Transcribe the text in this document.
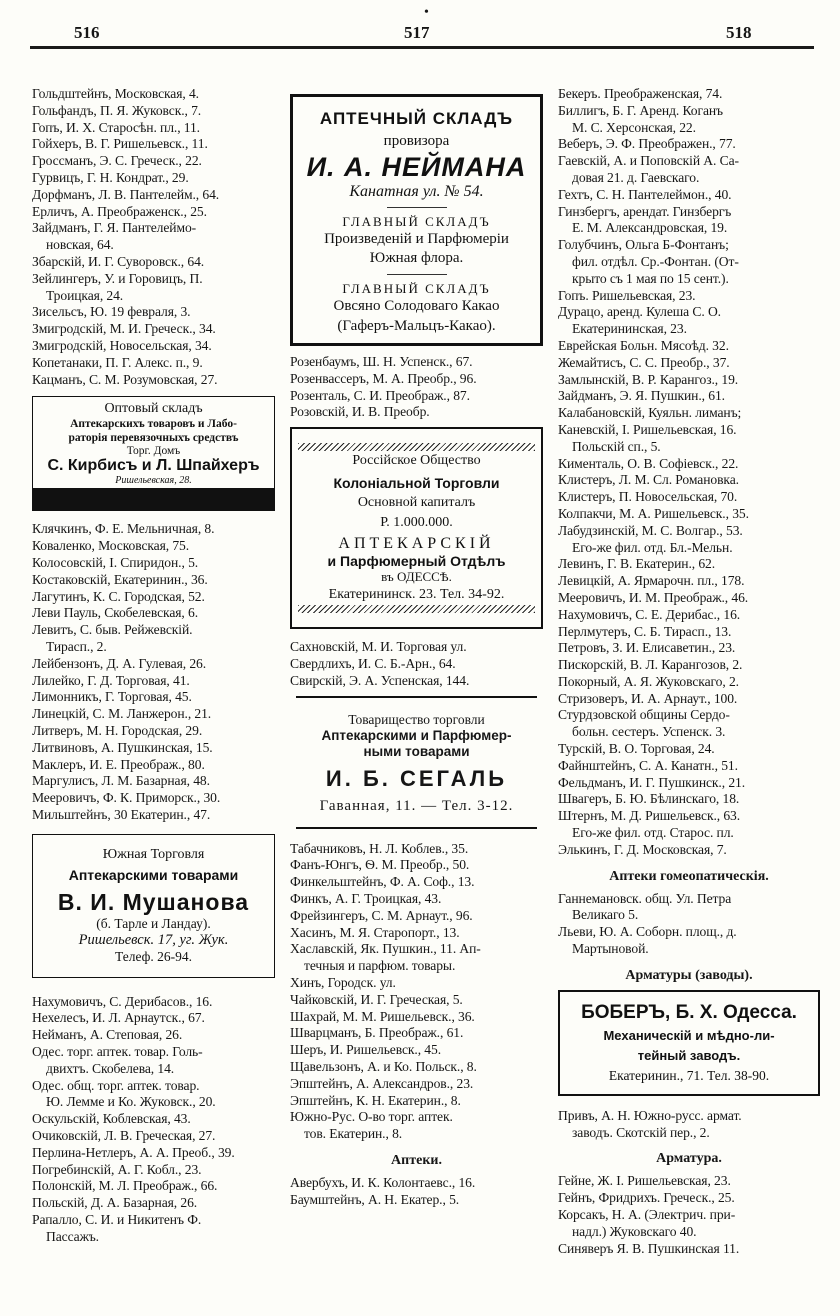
•
516	517	518
Гольдштейнъ, Московская, 4.
Гольфандъ, П. Я. Жуковск., 7.
Гопъ, И. Х. Старосѣн. пл., 11.
Гойхеръ, В. Г. Ришельевск., 11.
Гроссманъ, Э. С. Греческ., 22.
Гурвицъ, Г. Н. Кондрат., 29.
Дорфманъ, Л. В. Пантелейм., 64.
Ерличъ, А. Преображенск., 25.
Зайдманъ, Г. Я. Пантелеймо-
новская, 64.
Збарскій, И. Г. Суворовск., 64.
Зейлингеръ, У. и Горовицъ, П.
Троицкая, 24.
Зисельсъ, Ю. 19 февраля, 3.
Змигродскій, М. И. Греческ., 34.
Змигродскій, Новосельская, 34.
Копетанаки, П. Г. Алекс. п., 9.
Кацманъ, С. М. Розумовская, 27.
Оптовый складъ
Аптекарскихъ товаровъ и Лабо-
раторія перевязочныхъ средствъ
Торг. Домъ
С. Кирбисъ и Л. Шпайхеръ
Ришельевская, 28.
Клячкинъ, Ф. Е. Мельничная, 8.
Коваленко, Московская, 75.
Колосовскій, І. Спиридон., 5.
Костаковскій, Екатеринин., 36.
Лагутинъ, К. С. Городская, 52.
Леви Пауль, Скобелевская, 6.
Левитъ, С. быв. Рейжевскій.
Тирасп., 2.
Лейбензонъ, Д. А. Гулевая, 26.
Лилейко, Г. Д. Торговая, 41.
Лимонникъ, Г. Торговая, 45.
Линецкій, С. М. Ланжерон., 21.
Литверъ, М. Н. Городская, 29.
Литвиновъ, А. Пушкинская, 15.
Маклеръ, И. Е. Преображ., 80.
Маргулисъ, Л. М. Базарная, 48.
Мееровичъ, Ф. К. Приморск., 30.
Мильштейнъ, 30 Екатерин., 47.
Южная Торговля
Аптекарскими товарами
В. И. Мушанова
(б. Тарле и Ландау).
Ришельевск. 17, уг. Жук.
Телеф. 26-94.
Нахумовичъ, С. Дерибасов., 16.
Нехелесъ, И. Л. Арнаутск., 67.
Нейманъ, А. Степовая, 26.
Одес. торг. аптек. товар. Голь-
двихтъ. Скобелева, 14.
Одес. общ. торг. аптек. товар.
Ю. Лемме и Ко. Жуковск., 20.
Оскульскій, Коблевская, 43.
Очиковскій, Л. В. Греческая, 27.
Перлина-Нетлеръ, А. А. Преоб., 39.
Погребинскій, А. Г. Кобл., 23.
Полонскій, М. Л. Преображ., 66.
Польскій, Д. А. Базарная, 26.
Рапалло, С. И. и Никитенъ Ф.
Пассажъ.
АПТЕЧНЫЙ СКЛАДЪ
провизора
И. А. НЕЙМАНА
Канатная ул. № 54.
ГЛАВНЫЙ СКЛАДЪ
Произведеній и Парфюмеріи
Южная флора.
ГЛАВНЫЙ СКЛАДЪ
Овсяно Солодоваго Какао
(Гаферъ-Мальцъ-Какао).
Розенбаумъ, Ш. Н. Успенск., 67.
Розенвассеръ, М. А. Преобр., 96.
Розенталь, С. И. Преображ., 87.
Розовскій, И. В. Преобр.
Россійское Общество
Колоніальной Торговли
Основной капиталъ
Р. 1.000.000.
АПТЕКАРСКІЙ
и Парфюмерный Отдѣлъ
въ ОДЕССѢ.
Екатерининск. 23. Тел. 34-92.
Сахновскій, М. И. Торговая ул.
Свердлихъ, И. С. Б.-Арн., 64.
Свирскій, Э. А. Успенская, 144.
Товарищество торговли
Аптекарскими и Парфюмер-
ными товарами
И. Б. СЕГАЛЬ
Гаванная, 11. — Тел. 3-12.
Табачниковъ, Н. Л. Коблев., 35.
Фанъ-Юнгъ, Ѳ. М. Преобр., 50.
Финкельштейнъ, Ф. А. Соф., 13.
Финкъ, А. Г. Троицкая, 43.
Фрейзингеръ, С. М. Арнаут., 96.
Хасинъ, М. Я. Старопорт., 13.
Хаславскій, Як. Пушкин., 11. Ап-
течныя и парфюм. товары.
Хинъ, Городск. ул.
Чайковскій, И. Г. Греческая, 5.
Шахрай, М. М. Ришельевск., 36.
Шварцманъ, Б. Преображ., 61.
Шеръ, И. Ришельевск., 45.
Щавельзонъ, А. и Ко. Польск., 8.
Эпштейнъ, А. Александров., 23.
Эпштейнъ, К. Н. Екатерин., 8.
Южно-Рус. О-во торг. аптек.
тов. Екатерин., 8.
Аптеки.
Авербухъ, И. К. Колонтаевс., 16.
Баумштейнъ, А. Н. Екатер., 5.
Бекеръ. Преображенская, 74.
Биллигъ, Б. Г. Аренд. Коганъ
М. С. Херсонская, 22.
Веберъ, Э. Ф. Преображен., 77.
Гаевскій, А. и Поповскій А. Са-
довая 21. д. Гаевскаго.
Гехтъ, С. Н. Пантелеймон., 40.
Гинзбергъ, арендат. Гинзбергъ
Е. М. Александровская, 19.
Голубчинъ, Ольга Б-Фонтанъ;
фил. отдѣл. Ср.-Фонтан. (От-
крыто съ 1 мая по 15 сент.).
Гопъ. Ришельевская, 23.
Дурацо, аренд. Кулеша С. О.
Екатерининская, 23.
Еврейская Больн. Мясоѣд. 32.
Жемайтисъ, С. С. Преобр., 37.
Замлынскій, В. Р. Карангоз., 19.
Зайдманъ, Э. Я. Пушкин., 61.
Калабановскій, Куяльн. лиманъ;
Каневскій, І. Ришельевская, 16.
Польскій сп., 5.
Кименталь, О. В. Софіевск., 22.
Клистеръ, Л. М. Сл. Романовка.
Клистеръ, П. Новосельская, 70.
Колпакчи, М. А. Ришельевск., 35.
Лабудзинскій, М. С. Волгар., 53.
Его-же фил. отд. Бл.-Мельн.
Левинъ, Г. В. Екатерин., 62.
Левицкій, А. Ярмарочн. пл., 178.
Мееровичъ, И. М. Преображ., 46.
Нахумовичъ, С. Е. Дерибас., 16.
Перлмутеръ, С. Б. Тирасп., 13.
Петровъ, З. И. Елисаветин., 23.
Пискорскій, В. Л. Карангозов, 2.
Покорный, А. Я. Жуковскаго, 2.
Стризоверъ, И. А. Арнаут., 100.
Стурдзовской общины Сердо-
больн. сестеръ. Успенск. 3.
Турскій, В. О. Торговая, 24.
Файнштейнъ, С. А. Канатн., 51.
Фельдманъ, И. Г. Пушкинск., 21.
Швагеръ, Б. Ю. Бѣлинскаго, 18.
Штернъ, М. Д. Ришельевск., 63.
Его-же фил. отд. Старос. пл.
Элькинъ, Г. Д. Московская, 7.
Аптеки гомеопатическія.
Ганнемановск. общ. Ул. Петра
Великаго 5.
Льеви, Ю. А. Соборн. площ., д.
Мартыновой.
Арматуры (заводы).
БОБЕРЪ, Б. Х. Одесса.
Механическій и мѣдно-ли-
тейный заводъ.
Екатеринин., 71. Тел. 38-90.
Привъ, А. Н. Южно-русс. армат.
заводъ. Скотскій пер., 2.
Арматура.
Гейне, Ж. І. Ришельевская, 23.
Гейнъ, Фридрихъ. Греческ., 25.
Корсакъ, Н. А. (Электрич. при-
надл.) Жуковскаго 40.
Синяверъ Я. В. Пушкинская 11.
